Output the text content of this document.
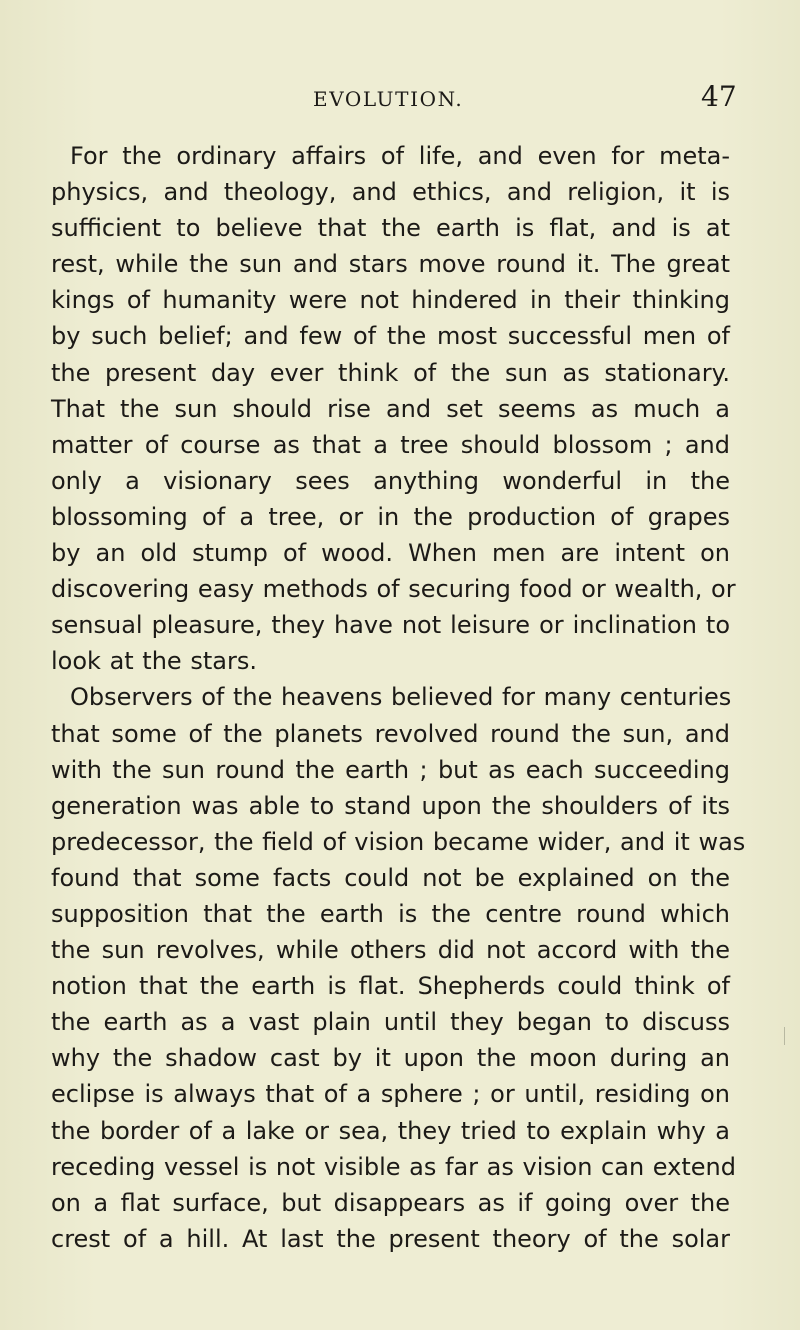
EVOLUTION.	47
For the ordinary affairs of life, and even for meta-
physics, and theology, and ethics, and religion, it is
sufficient to believe that the earth is flat, and is at
rest, while the sun and stars move round it. The great
kings of humanity were not hindered in their thinking
by such belief; and few of the most successful men of
the present day ever think of the sun as stationary.
That the sun should rise and set seems as much a
matter of course as that a tree should blossom ; and
only a visionary sees anything wonderful in the
blossoming of a tree, or in the production of grapes
by an old stump of wood. When men are intent on
discovering easy methods of securing food or wealth, or
sensual pleasure, they have not leisure or inclination to
look at the stars.
Observers of the heavens believed for many centuries
that some of the planets revolved round the sun, and
with the sun round the earth ; but as each succeeding
generation was able to stand upon the shoulders of its
predecessor, the field of vision became wider, and it was
found that some facts could not be explained on the
supposition that the earth is the centre round which
the sun revolves, while others did not accord with the
notion that the earth is flat. Shepherds could think of
the earth as a vast plain until they began to discuss
why the shadow cast by it upon the moon during an
eclipse is always that of a sphere ; or until, residing on
the border of a lake or sea, they tried to explain why a
receding vessel is not visible as far as vision can extend
on a flat surface, but disappears as if going over the
crest of a hill. At last the present theory of the solar
